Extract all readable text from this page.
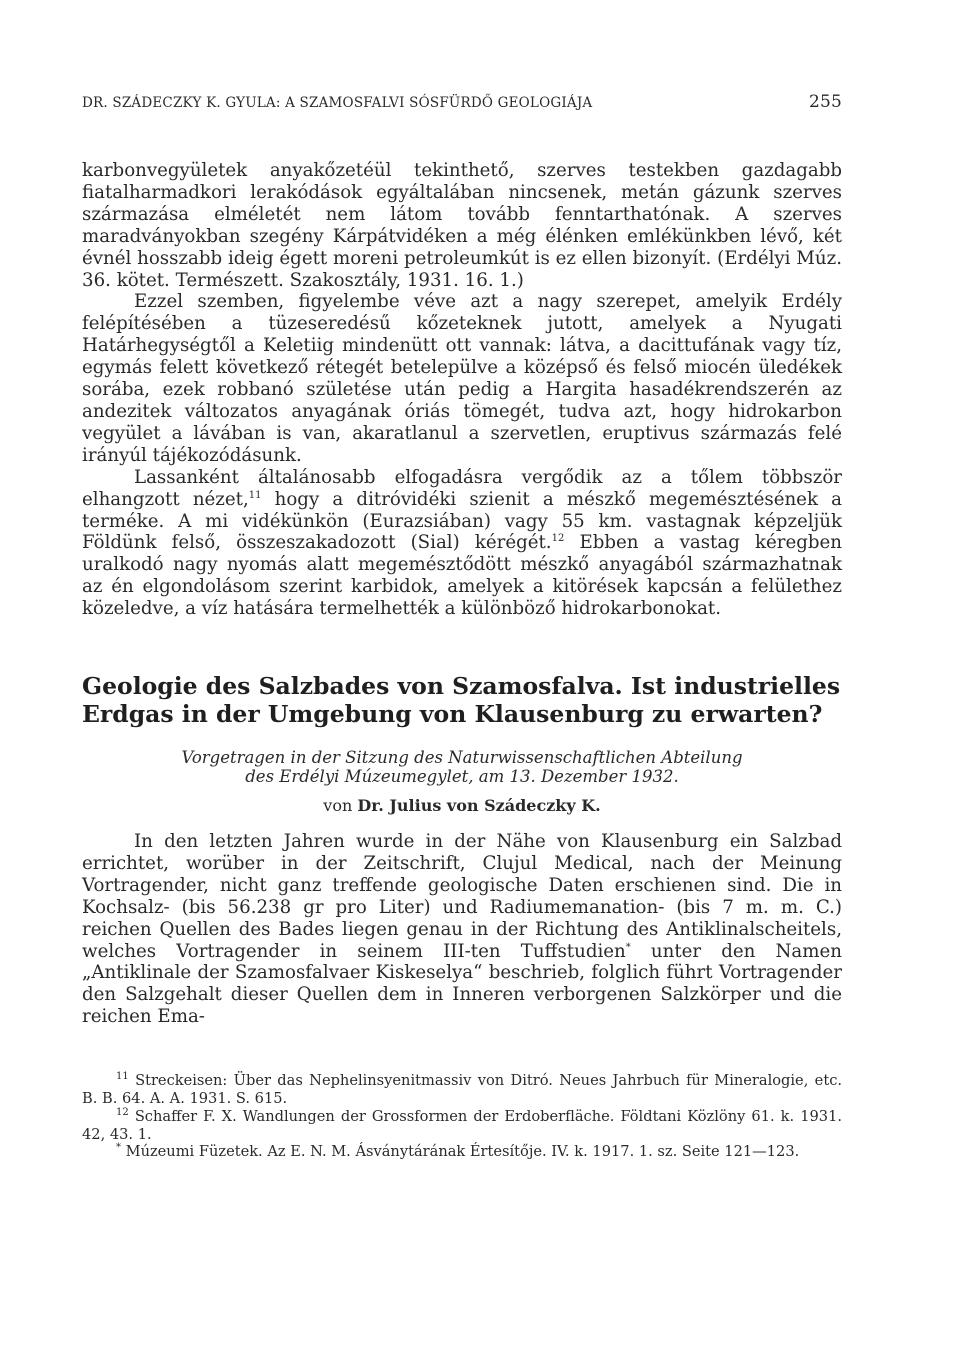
DR. SZÁDECZKY K. GYULA: A SZAMOSFALVI SÓSFÜRDŐ GEOLOGIÁJA	255

karbonvegyületek anyakőzetéül tekinthető, szerves testekben gazdagabb fiatalharmadkori lerakódások egyáltalában nincsenek, metán gázunk szerves származása elméletét nem látom tovább fenntarthatónak. A szerves maradványokban szegény Kárpátvidéken a még élénken emlékünkben lévő, két évnél hosszabb ideig égett moreni petroleumkút is ez ellen bizonyít. (Erdélyi Múz. 36. kötet. Természett. Szakosztály, 1931. 16. 1.)

Ezzel szemben, figyelembe véve azt a nagy szerepet, amelyik Erdély felépítésében a tüzeseredésű kőzeteknek jutott, amelyek a Nyugati Határhegységtől a Keletiig mindenütt ott vannak: látva, a dacittufának vagy tíz, egymás felett következő rétegét betelepülve a középső és felső miocén üledékek sorába, ezek robbanó születése után pedig a Hargita hasadékrendszerén az andezitek változatos anyagának óriás tömegét, tudva azt, hogy hidrokarbon vegyület a lávában is van, akaratlanul a szervetlen, eruptivus származás felé irányúl tájékozódásunk.

Lassanként általánosabb elfogadásra vergődik az a tőlem többször elhangzott nézet,$^{11}$ hogy a ditróvidéki szienit a mészkő megemésztésének a terméke. A mi vidékünkön (Eurazsiában) vagy 55 km. vastagnak képzeljük Földünk felső, összeszakadozott (Sial) kérégét.$^{12}$ Ebben a vastag kéregben uralkodó nagy nyomás alatt megemésztődött mészkő anyagából származhatnak az én elgondolásom szerint karbidok, amelyek a kitörések kapcsán a felülethez közeledve, a víz hatására termelhették a különböző hidrokarbonokat.

Geologie des Salzbades von Szamosfalva. Ist industrielles Erdgas in der Umgebung von Klausenburg zu erwarten?

Vorgetragen in der Sitzung des Naturwissenschaftlichen Abteilung

des Erdélyi Múzeumegylet, am 13. Dezember 1932.

von Dr. Julius von Szádeczky K.

In den letzten Jahren wurde in der Nähe von Klausenburg ein Salzbad errichtet, worüber in der Zeitschrift, Clujul Medical, nach der Meinung Vortragender, nicht ganz treffende geologische Daten erschienen sind. Die in Kochsalz- (bis 56.238 gr pro Liter) und Radiumemanation- (bis 7 m. m. C.) reichen Quellen des Bades liegen genau in der Richtung des Antiklinalscheitels, welches Vortragender in seinem III-ten Tuffstudien* unter den Namen „Antiklinale der Szamosfalvaer Kiskeselya“ beschrieb, folglich führt Vortragender den Salzgehalt dieser Quellen dem in Inneren verborgenen Salzkörper und die reichen Ema-

$^{11}$ Streckeisen: Über das Nephelinsyenitmassiv von Ditró. Neues Jahrbuch für Mineralogie, etc. B. B. 64. A. A. 1931. S. 615.

$^{12}$ Schaffer F. X. Wandlungen der Grossformen der Erdoberfläche. Földtani Közlöny 61. k. 1931. 42, 43. 1.

* Múzeumi Füzetek. Az E. N. M. Ásványtárának Értesítője. IV. k. 1917. 1. sz. Seite 121—123.
